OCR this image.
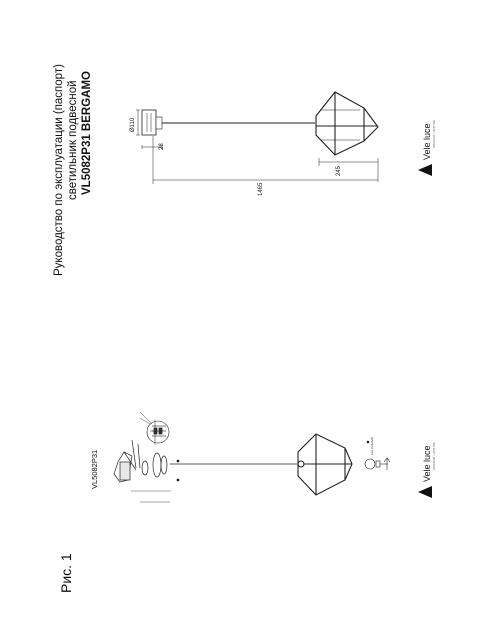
Руководство по эксплуатации (паспорт) светильник подвесной VL5082P31 BERGAMO
Рис. 1
VL5082P31
Ø110
28
245
1465
Vele luce INTERIOR LIGHTING
Vele luce INTERIOR LIGHTING
(not included)
